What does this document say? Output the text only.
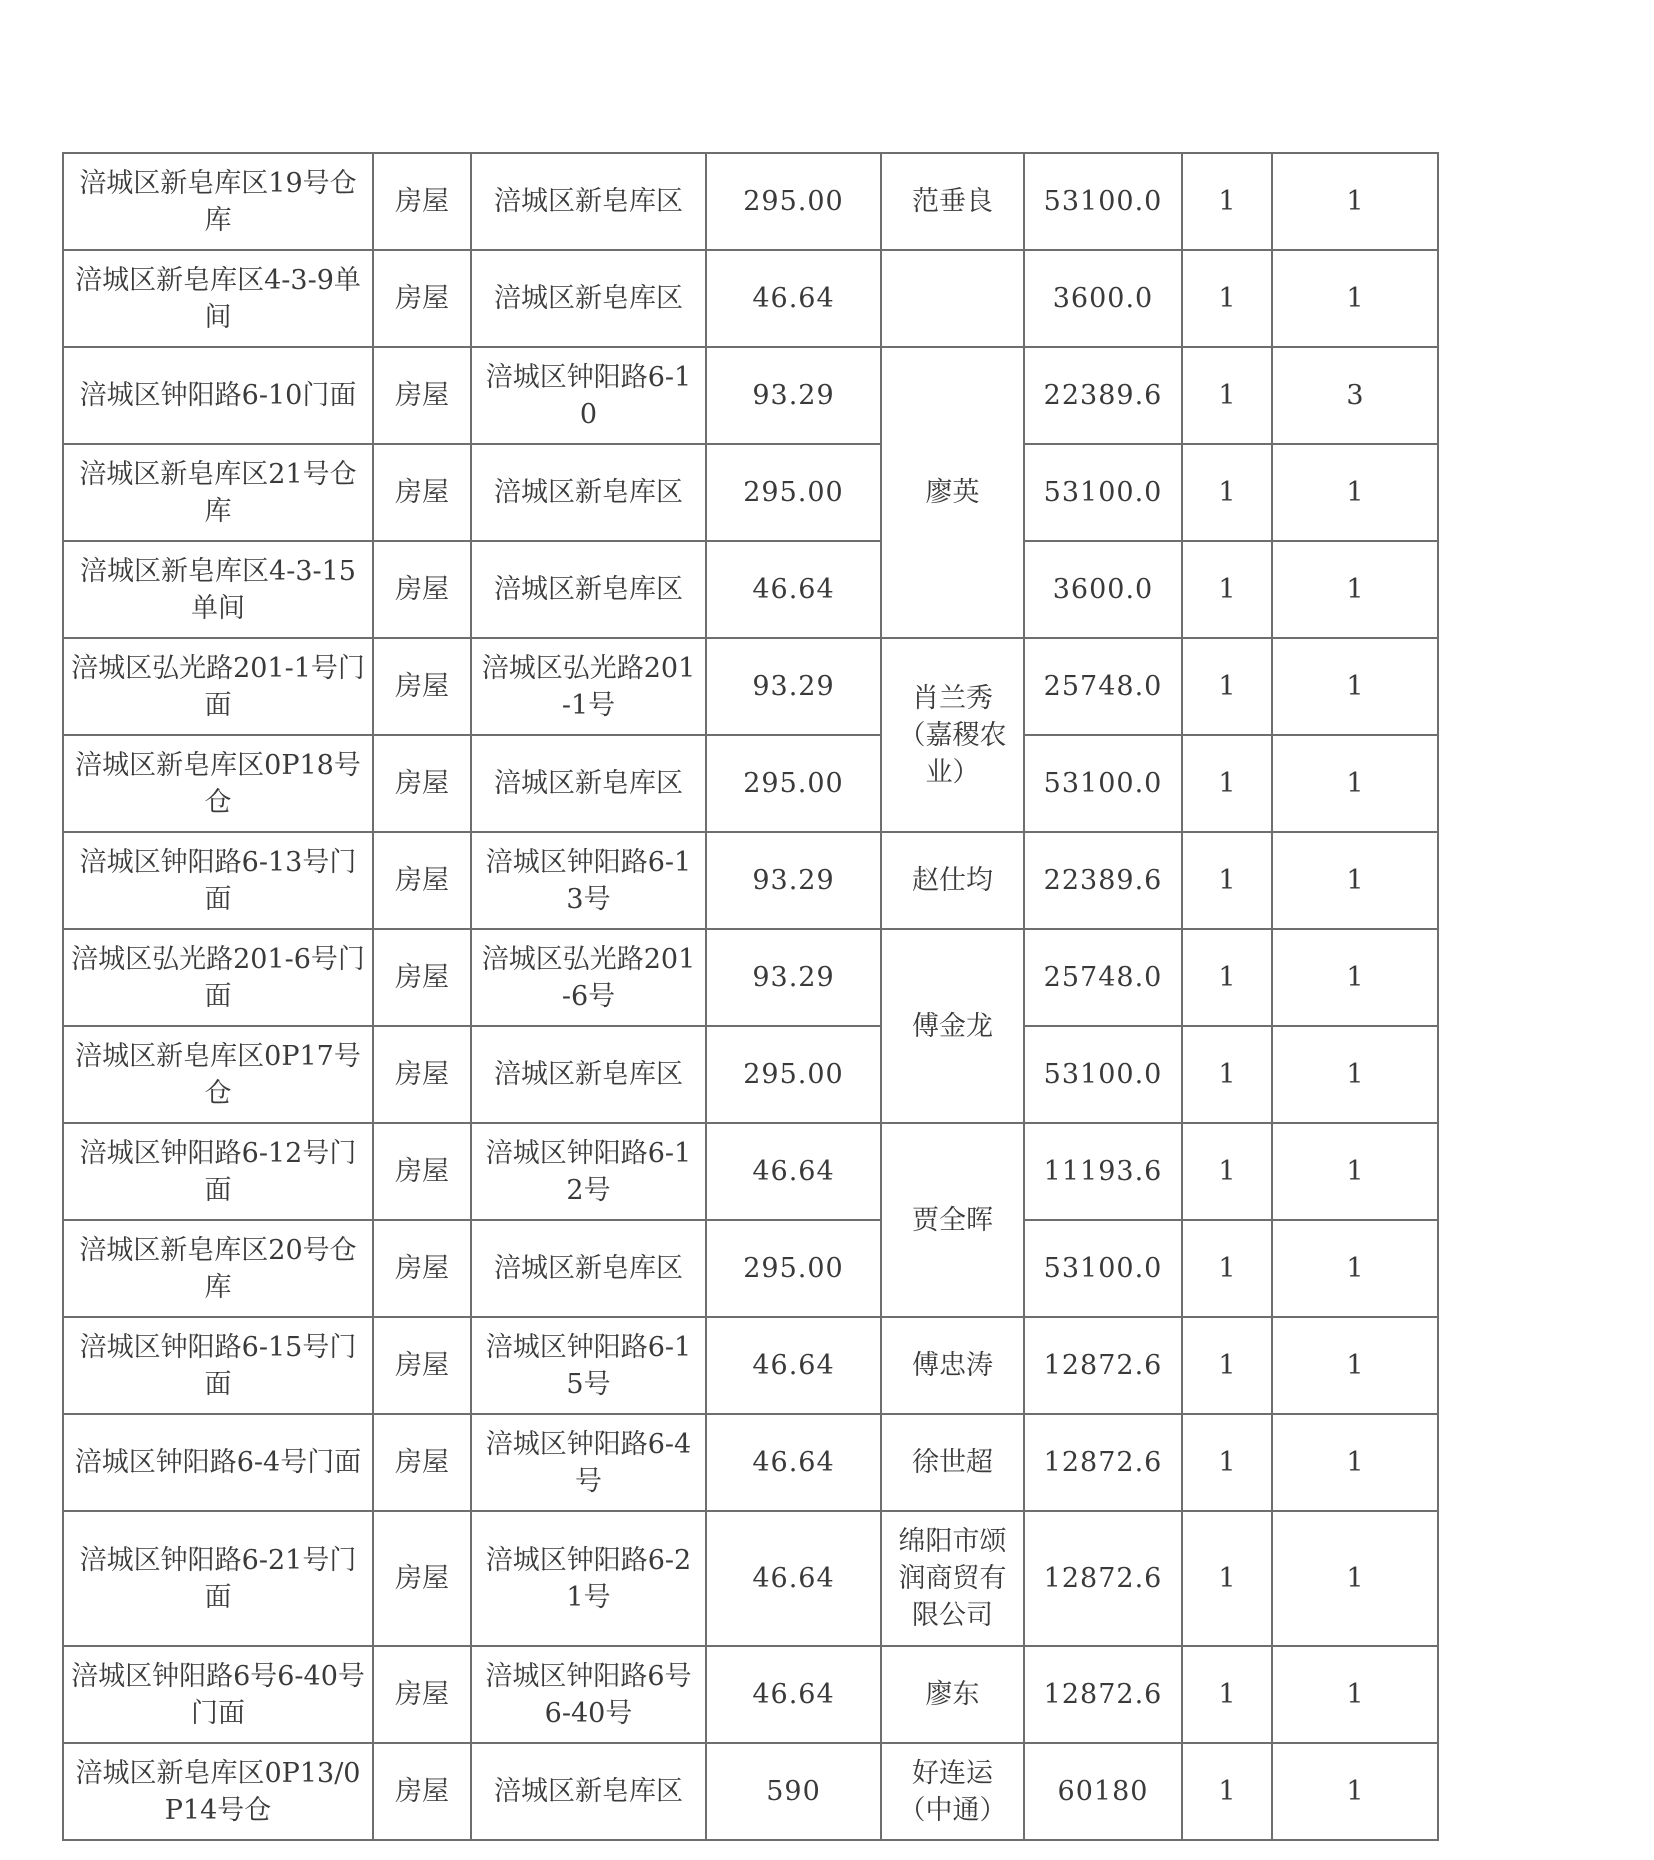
涪城区新皂库区19号仓库	房屋	涪城区新皂库区	295.00	范垂良	53100.0	1	1
涪城区新皂库区4-3-9单间	房屋	涪城区新皂库区	46.64		3600.0	1	1
涪城区钟阳路6-10门面	房屋	涪城区钟阳路6-10	93.29	廖英	22389.6	1	3
涪城区新皂库区21号仓库	房屋	涪城区新皂库区	295.00		53100.0	1	1
涪城区新皂库区4-3-15单间	房屋	涪城区新皂库区	46.64		3600.0	1	1
涪城区弘光路201-1号门面	房屋	涪城区弘光路201-1号	93.29	肖兰秀（嘉稷农业）	25748.0	1	1
涪城区新皂库区0P18号仓	房屋	涪城区新皂库区	295.00		53100.0	1	1
涪城区钟阳路6-13号门面	房屋	涪城区钟阳路6-13号	93.29	赵仕均	22389.6	1	1
涪城区弘光路201-6号门面	房屋	涪城区弘光路201-6号	93.29	傅金龙	25748.0	1	1
涪城区新皂库区0P17号仓	房屋	涪城区新皂库区	295.00		53100.0	1	1
涪城区钟阳路6-12号门面	房屋	涪城区钟阳路6-12号	46.64	贾全晖	11193.6	1	1
涪城区新皂库区20号仓库	房屋	涪城区新皂库区	295.00		53100.0	1	1
涪城区钟阳路6-15号门面	房屋	涪城区钟阳路6-15号	46.64	傅忠涛	12872.6	1	1
涪城区钟阳路6-4号门面	房屋	涪城区钟阳路6-4号	46.64	徐世超	12872.6	1	1
涪城区钟阳路6-21号门面	房屋	涪城区钟阳路6-21号	46.64	绵阳市颂润商贸有限公司	12872.6	1	1
涪城区钟阳路6号6-40号门面	房屋	涪城区钟阳路6号6-40号	46.64	廖东	12872.6	1	1
涪城区新皂库区0P13/0P14号仓	房屋	涪城区新皂库区	590	好连运（中通）	60180	1	1
